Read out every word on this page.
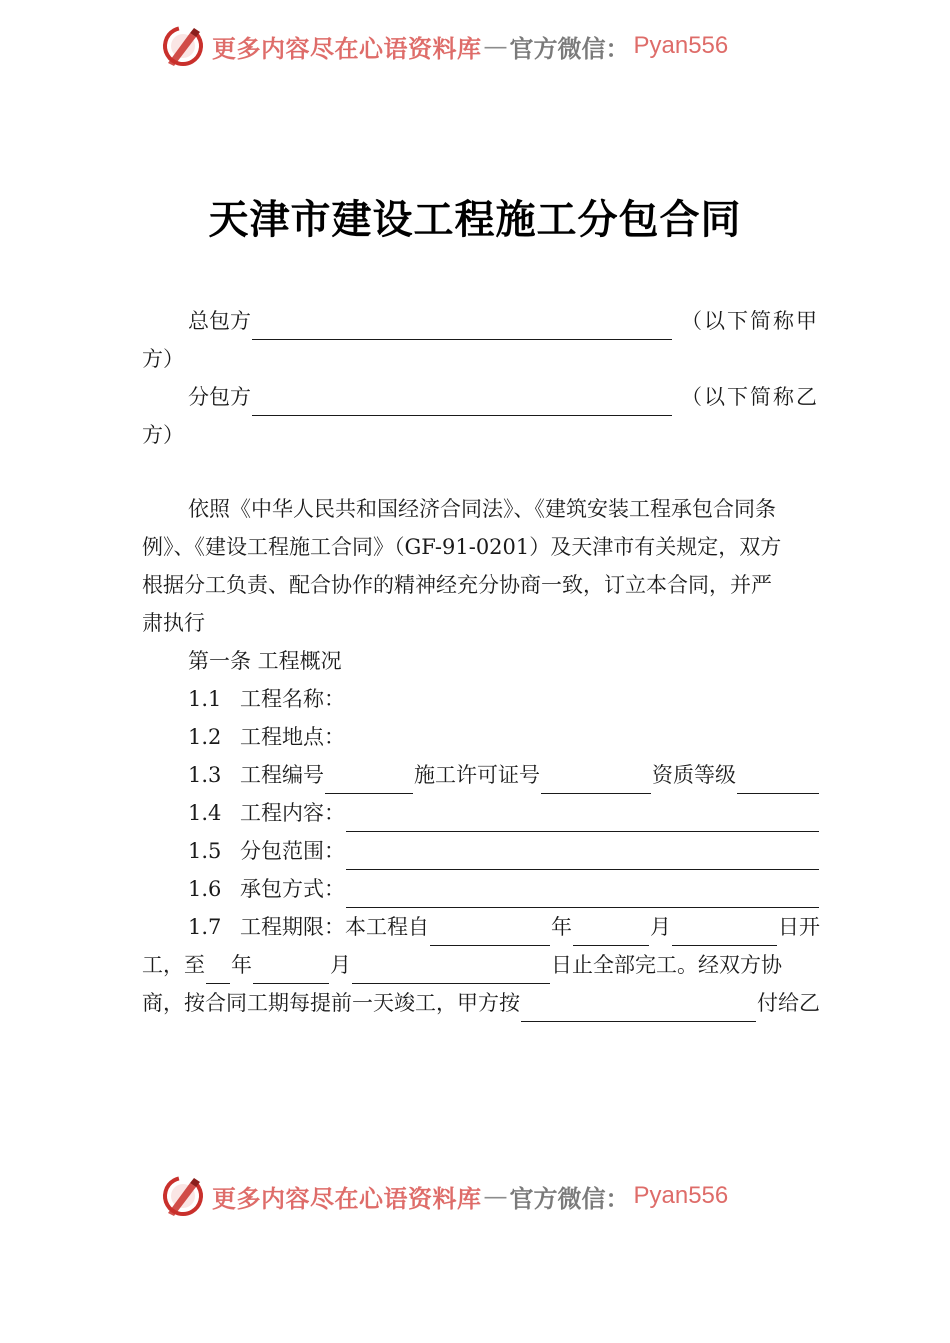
更多内容尽在心语资料库 — 官方微信： Pyan556
天津市建设工程施工分包合同
总包方	（以下简称甲
方）
分包方	（以下简称乙
方）
依照《中华人民共和国经济合同法》、《建筑安装工程承包合同条
例》、《建设工程施工合同》（GF-91-0201）及天津市有关规定，双方
根据分工负责、配合协作的精神经充分协商一致，订立本合同，并严
肃执行
第一条 工程概况
1.1 工程名称：
1.2 工程地点：
1.3 工程编号	施工许可证号	资质等级
1.4 工程内容：
1.5 分包范围：
1.6 承包方式：
1.7 工程期限：本工程自	年	月	日开
工，至 年	月	日止全部完工。经双方协
商，按合同工期每提前一天竣工，甲方按	付给乙
更多内容尽在心语资料库 — 官方微信： Pyan556
